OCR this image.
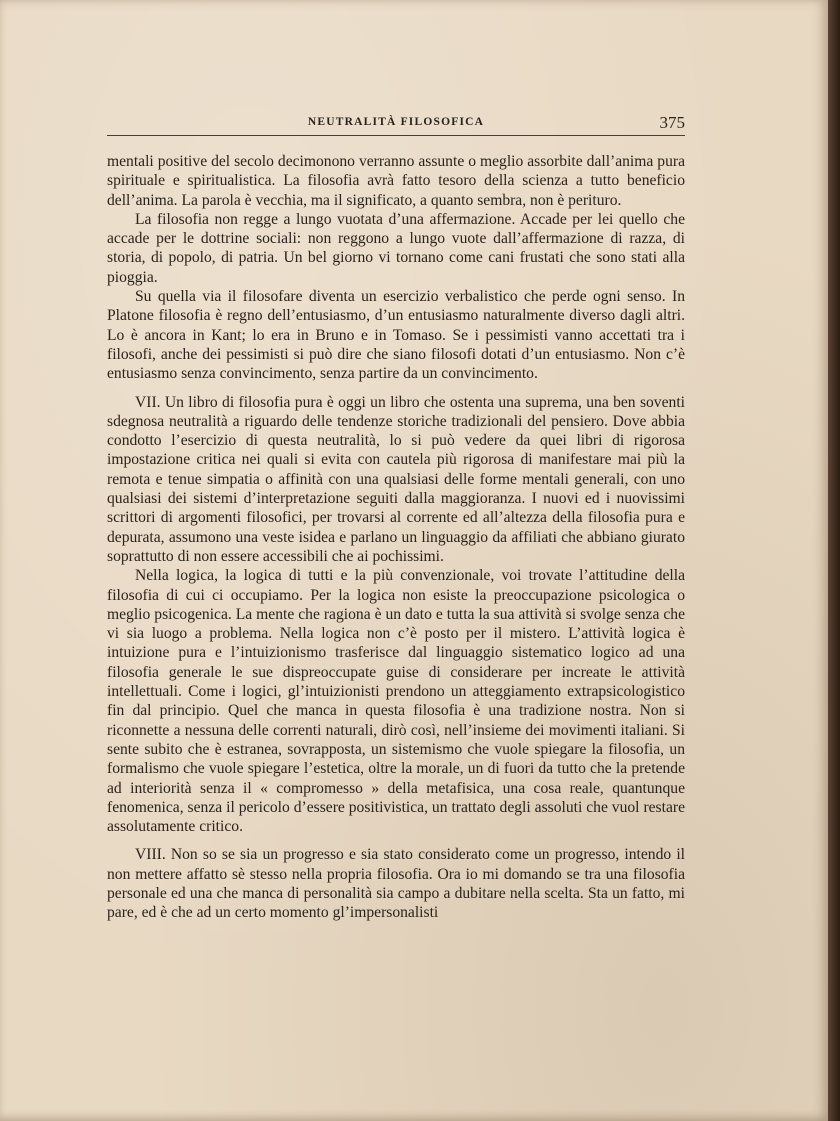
NEUTRALITÀ FILOSOFICA	375

mentali positive del secolo decimonono verranno assunte o meglio assorbite dall’anima pura spirituale e spiritualistica. La filosofia avrà fatto tesoro della scienza a tutto beneficio dell’anima. La parola è vecchia, ma il significato, a quanto sembra, non è perituro.

La filosofia non regge a lungo vuotata d’una affermazione. Accade per lei quello che accade per le dottrine sociali: non reggono a lungo vuote dall’affermazione di razza, di storia, di popolo, di patria. Un bel giorno vi tornano come cani frustati che sono stati alla pioggia.

Su quella via il filosofare diventa un esercizio verbalistico che perde ogni senso. In Platone filosofia è regno dell’entusiasmo, d’un entusiasmo naturalmente diverso dagli altri. Lo è ancora in Kant; lo era in Bruno e in Tomaso. Se i pessimisti vanno accettati tra i filosofi, anche dei pessimisti si può dire che siano filosofi dotati d’un entusiasmo. Non c’è entusiasmo senza convincimento, senza partire da un convincimento.

VII. Un libro di filosofia pura è oggi un libro che ostenta una suprema, una ben soventi sdegnosa neutralità a riguardo delle tendenze storiche tradizionali del pensiero. Dove abbia condotto l’esercizio di questa neutralità, lo si può vedere da quei libri di rigorosa impostazione critica nei quali si evita con cautela più rigorosa di manifestare mai più la remota e tenue simpatia o affinità con una qualsiasi delle forme mentali generali, con uno qualsiasi dei sistemi d’interpretazione seguiti dalla maggioranza. I nuovi ed i nuovissimi scrittori di argomenti filosofici, per trovarsi al corrente ed all’altezza della filosofia pura e depurata, assumono una veste isidea e parlano un linguaggio da affiliati che abbiano giurato soprattutto di non essere accessibili che ai pochissimi.

Nella logica, la logica di tutti e la più convenzionale, voi trovate l’attitudine della filosofia di cui ci occupiamo. Per la logica non esiste la preoccupazione psicologica o meglio psicogenica. La mente che ragiona è un dato e tutta la sua attività si svolge senza che vi sia luogo a problema. Nella logica non c’è posto per il mistero. L’attività logica è intuizione pura e l’intuizionismo trasferisce dal linguaggio sistematico logico ad una filosofia generale le sue dispreoccupate guise di considerare per increate le attività intellettuali. Come i logici, gl’intuizionisti prendono un atteggiamento extrapsicologistico fin dal principio. Quel che manca in questa filosofia è una tradizione nostra. Non si riconnette a nessuna delle correnti naturali, dirò così, nell’insieme dei movimenti italiani. Si sente subito che è estranea, sovrapposta, un sistemismo che vuole spiegare la filosofia, un formalismo che vuole spiegare l’estetica, oltre la morale, un di fuori da tutto che la pretende ad interiorità senza il « compromesso » della metafisica, una cosa reale, quantunque fenomenica, senza il pericolo d’essere positivistica, un trattato degli assoluti che vuol restare assolutamente critico.

VIII. Non so se sia un progresso e sia stato considerato come un progresso, intendo il non mettere affatto sè stesso nella propria filosofia. Ora io mi domando se tra una filosofia personale ed una che manca di personalità sia campo a dubitare nella scelta. Sta un fatto, mi pare, ed è che ad un certo momento gl’impersonalisti
